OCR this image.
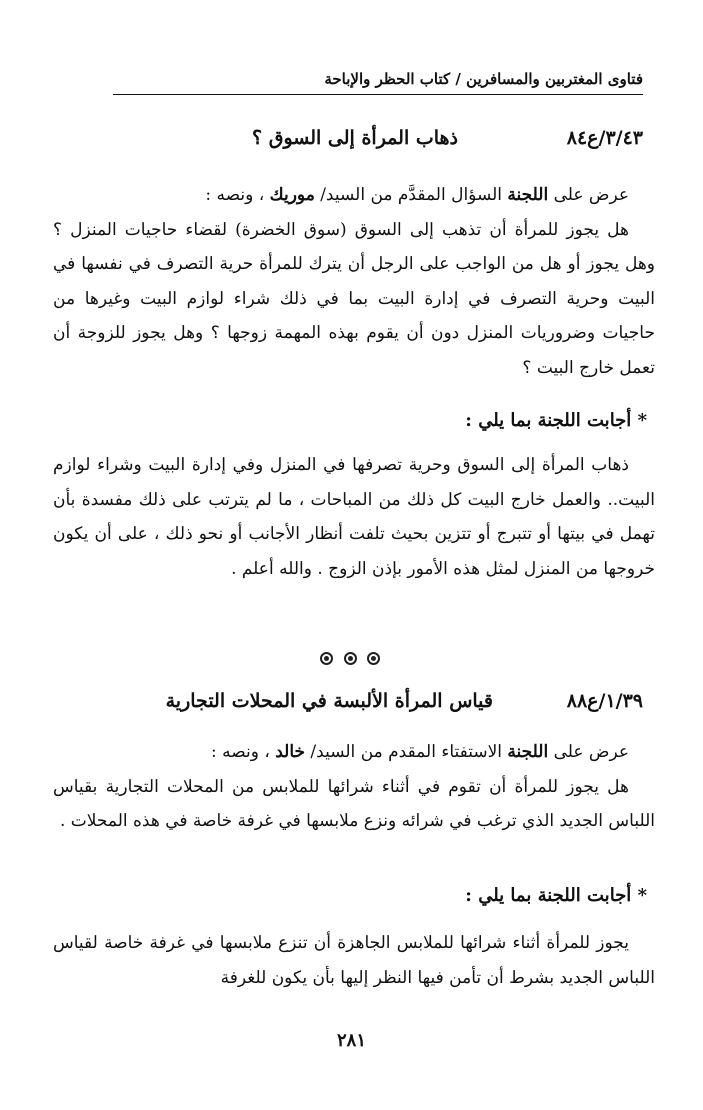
فتاوى المغتربين والمسافرين / كتاب الحظر والإباحة
٣/٤٣/ع٨٤
ذهاب المرأة إلى السوق ؟

عرض على اللجنة السؤال المقدَّم من السيد/ موريك ، ونصه :

هل يجوز للمرأة أن تذهب إلى السوق (سوق الخضرة) لقضاء حاجيات المنزل ؟ وهل يجوز أو هل من الواجب على الرجل أن يترك للمرأة حرية التصرف في نفسها في البيت وحرية التصرف في إدارة البيت بما في ذلك شراء لوازم البيت وغيرها من حاجيات وضروريات المنزل دون أن يقوم بهذه المهمة زوجها ؟ وهل يجوز للزوجة أن تعمل خارج البيت ؟

* أجابت اللجنة بما يلي :

ذهاب المرأة إلى السوق وحرية تصرفها في المنزل وفي إدارة البيت وشراء لوازم البيت.. والعمل خارج البيت كل ذلك من المباحات ، ما لم يترتب على ذلك مفسدة بأن تهمل في بيتها أو تتبرج أو تتزين بحيث تلفت أنظار الأجانب أو نحو ذلك ، على أن يكون خروجها من المنزل لمثل هذه الأمور بإذن الزوج . والله أعلم .

١/٣٩/ع٨٨
قياس المرأة الألبسة في المحلات التجارية

عرض على اللجنة الاستفتاء المقدم من السيد/ خالد ، ونصه :

هل يجوز للمرأة أن تقوم في أثناء شرائها للملابس من المحلات التجارية بقياس اللباس الجديد الذي ترغب في شرائه ونزع ملابسها في غرفة خاصة في هذه المحلات .

* أجابت اللجنة بما يلي :

يجوز للمرأة أثناء شرائها للملابس الجاهزة أن تنزع ملابسها في غرفة خاصة لقياس اللباس الجديد بشرط أن تأمن فيها النظر إليها بأن يكون للغرفة

٢٨١
